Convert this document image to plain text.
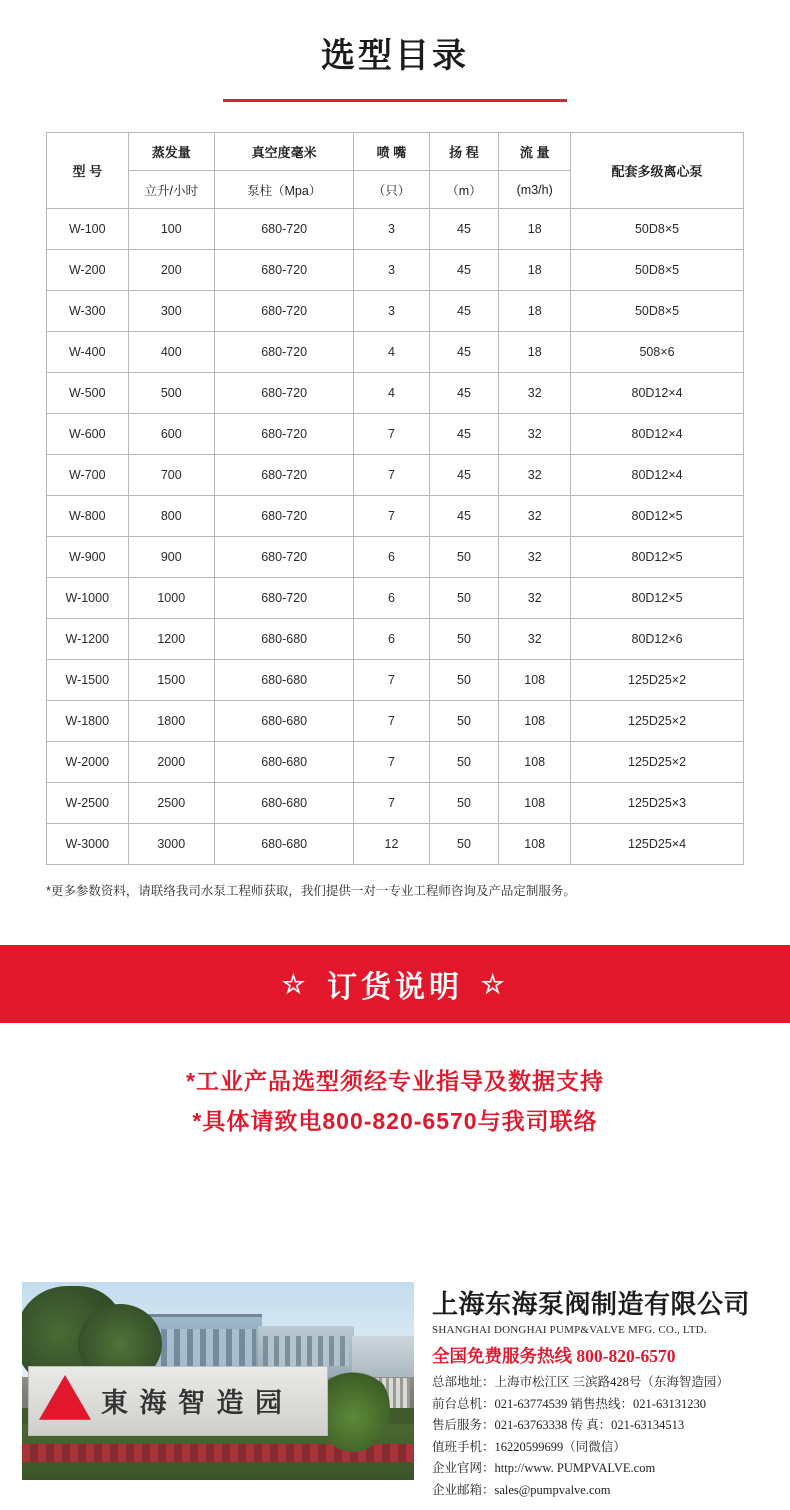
选型目录
型 号	蒸发量	真空度毫米	喷 嘴	扬 程	流 量	配套多级离心泵
	立升/小时	泵柱（Mpa）	（只）	（m）	(m3/h)	
W-100	100	680-720	3	45	18	50D8×5
W-200	200	680-720	3	45	18	50D8×5
W-300	300	680-720	3	45	18	50D8×5
W-400	400	680-720	4	45	18	508×6
W-500	500	680-720	4	45	32	80D12×4
W-600	600	680-720	7	45	32	80D12×4
W-700	700	680-720	7	45	32	80D12×4
W-800	800	680-720	7	45	32	80D12×5
W-900	900	680-720	6	50	32	80D12×5
W-1000	1000	680-720	6	50	32	80D12×5
W-1200	1200	680-680	6	50	32	80D12×6
W-1500	1500	680-680	7	50	108	125D25×2
W-1800	1800	680-680	7	50	108	125D25×2
W-2000	2000	680-680	7	50	108	125D25×2
W-2500	2500	680-680	7	50	108	125D25×3
W-3000	3000	680-680	12	50	108	125D25×4
*更多参数资料，请联络我司水泵工程师获取，我们提供一对一专业工程师咨询及产品定制服务。
☆ 订货说明 ☆
*工业产品选型须经专业指导及数据支持
*具体请致电800-820-6570与我司联络
東 海 智 造 园
上海东海泵阀制造有限公司
SHANGHAI DONGHAI PUMP&VALVE MFG. CO., LTD.
全国免费服务热线 800-820-6570
总部地址：上海市松江区 三滨路428号（东海智造园）
前台总机：021-63774539 销售热线：021-63131230
售后服务：021-63763338 传 真：021-63134513
值班手机：16220599699（同微信）
企业官网：http://www. PUMPVALVE.com
企业邮箱：sales@pumpvalve.com
